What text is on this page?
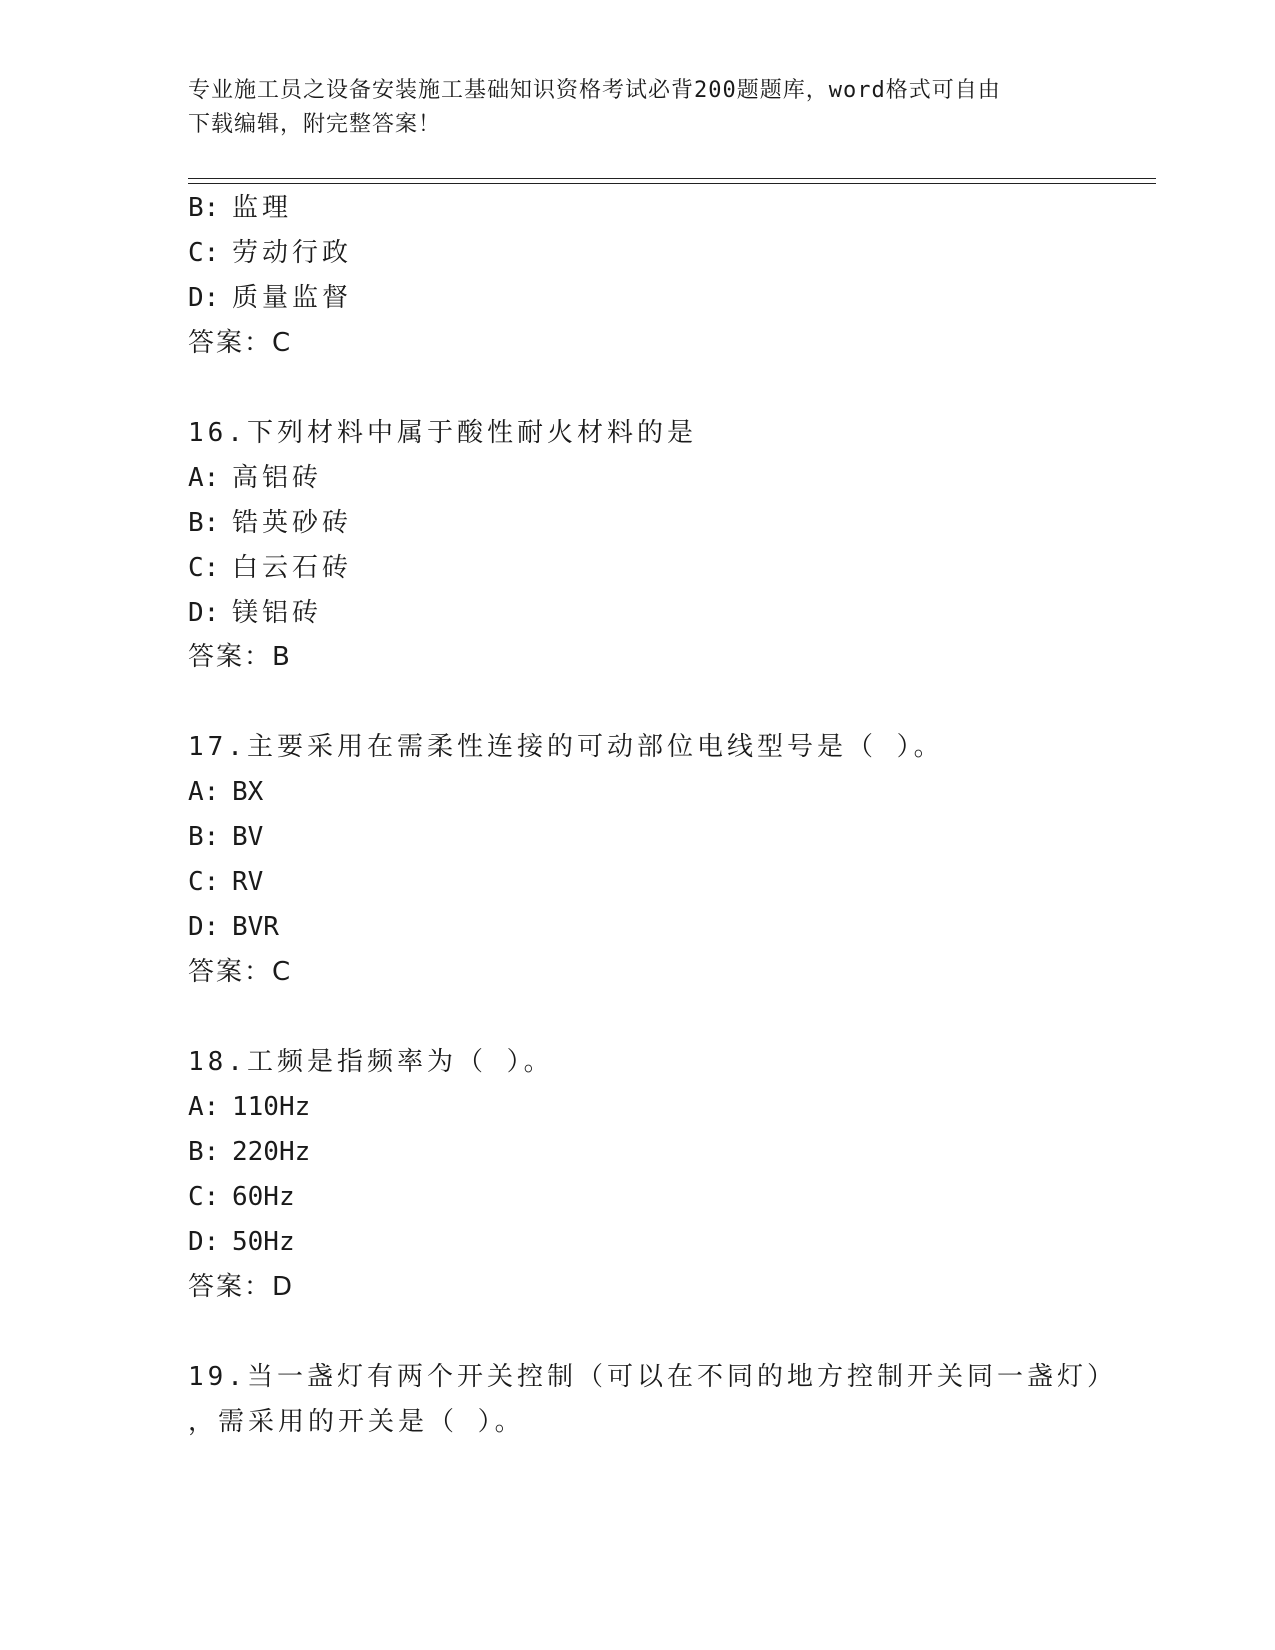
专业施工员之设备安装施工基础知识资格考试必背200题题库，word格式可自由
下载编辑，附完整答案！
B: 监理
C: 劳动行政
D: 质量监督
答案：C
16.下列材料中属于酸性耐火材料的是
A: 高铝砖
B: 锆英砂砖
C: 白云石砖
D: 镁铝砖
答案：B
17.主要采用在需柔性连接的可动部位电线型号是（ ）。
A: BX
B: BV
C: RV
D: BVR
答案：C
18.工频是指频率为（ ）。
A: 110Hz
B: 220Hz
C: 60Hz
D: 50Hz
答案：D
19.当一盏灯有两个开关控制（可以在不同的地方控制开关同一盏灯）
，需采用的开关是（ ）。
